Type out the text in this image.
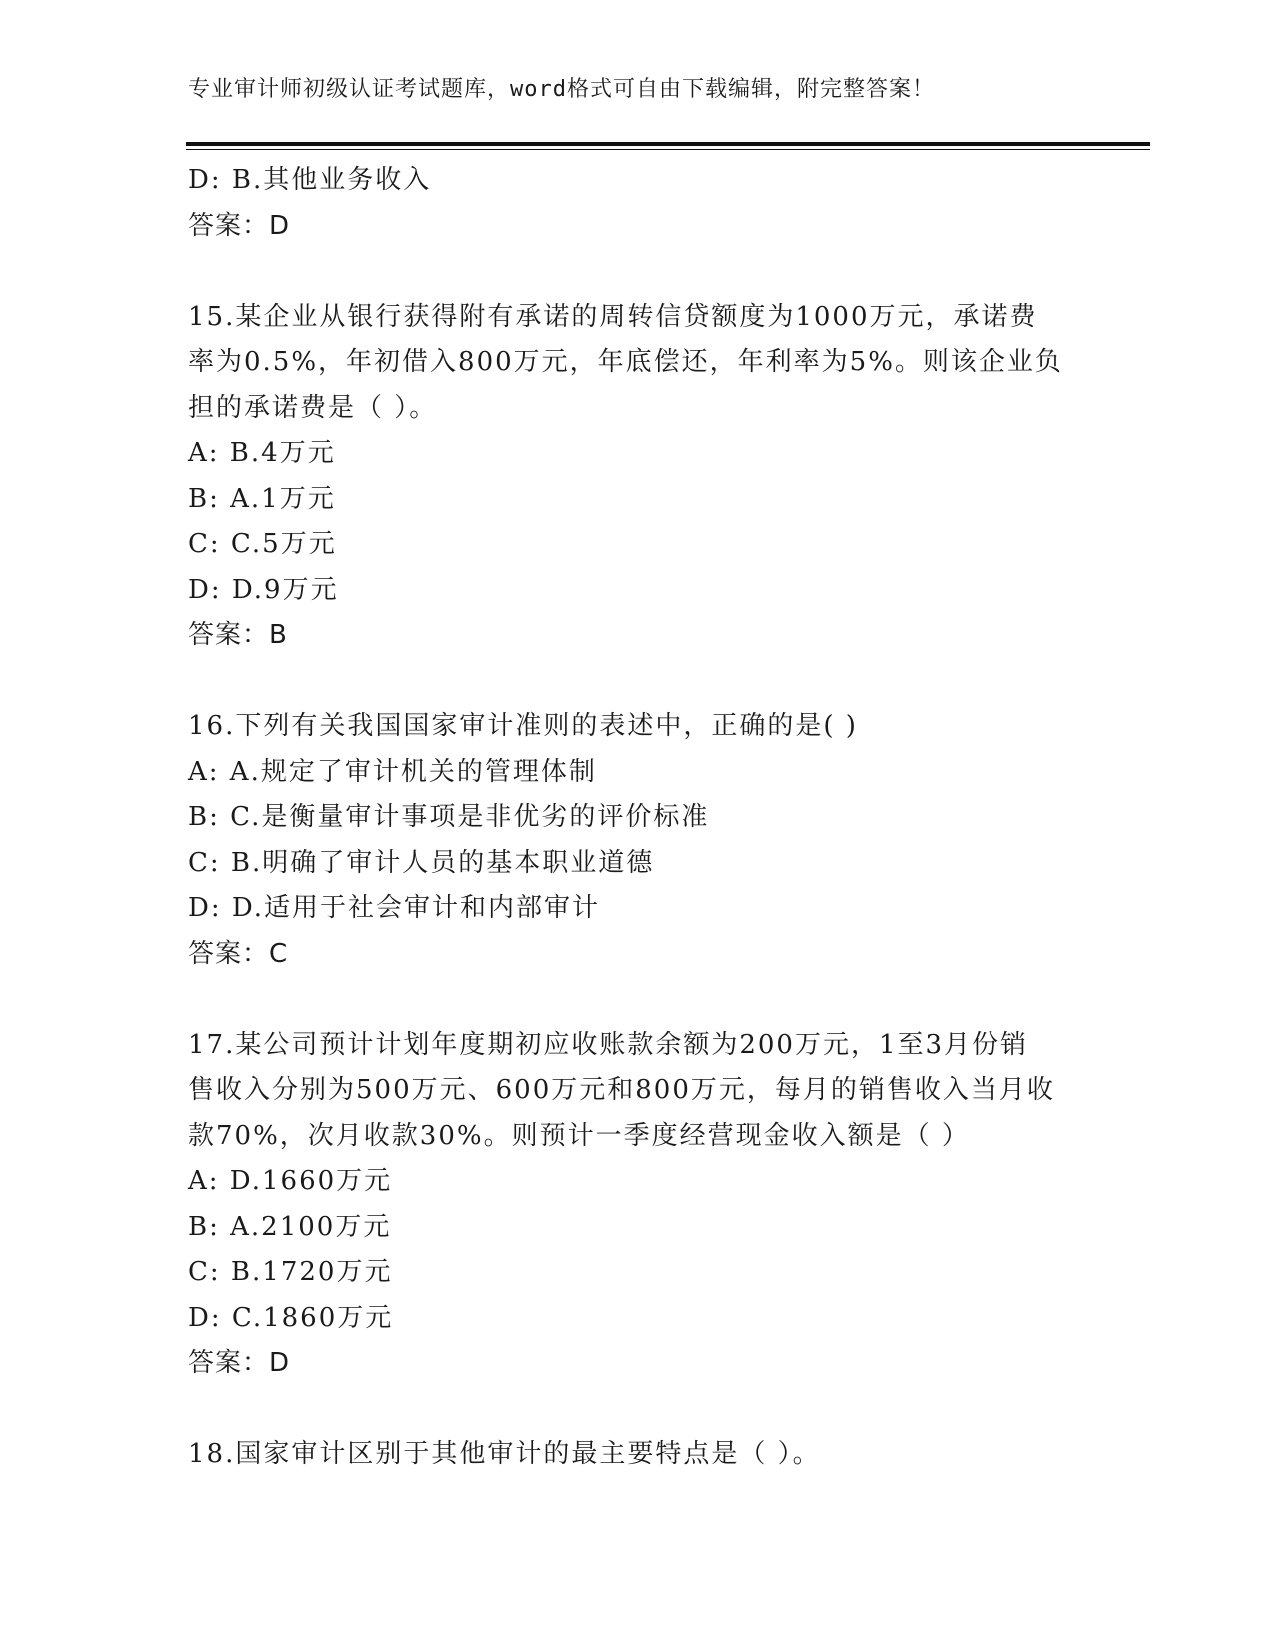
专业审计师初级认证考试题库，word格式可自由下载编辑，附完整答案！
D: B.其他业务收入
答案：D
15.某企业从银行获得附有承诺的周转信贷额度为1000万元，承诺费
率为0.5%，年初借入800万元，年底偿还，年利率为5%。则该企业负
担的承诺费是（ ）。
A: B.4万元
B: A.1万元
C: C.5万元
D: D.9万元
答案：B
16.下列有关我国国家审计准则的表述中，正确的是( )
A: A.规定了审计机关的管理体制
B: C.是衡量审计事项是非优劣的评价标准
C: B.明确了审计人员的基本职业道德
D: D.适用于社会审计和内部审计
答案：C
17.某公司预计计划年度期初应收账款余额为200万元，1至3月份销
售收入分别为500万元、600万元和800万元，每月的销售收入当月收
款70%，次月收款30%。则预计一季度经营现金收入额是（ ）
A: D.1660万元
B: A.2100万元
C: B.1720万元
D: C.1860万元
答案：D
18.国家审计区别于其他审计的最主要特点是（ ）。
